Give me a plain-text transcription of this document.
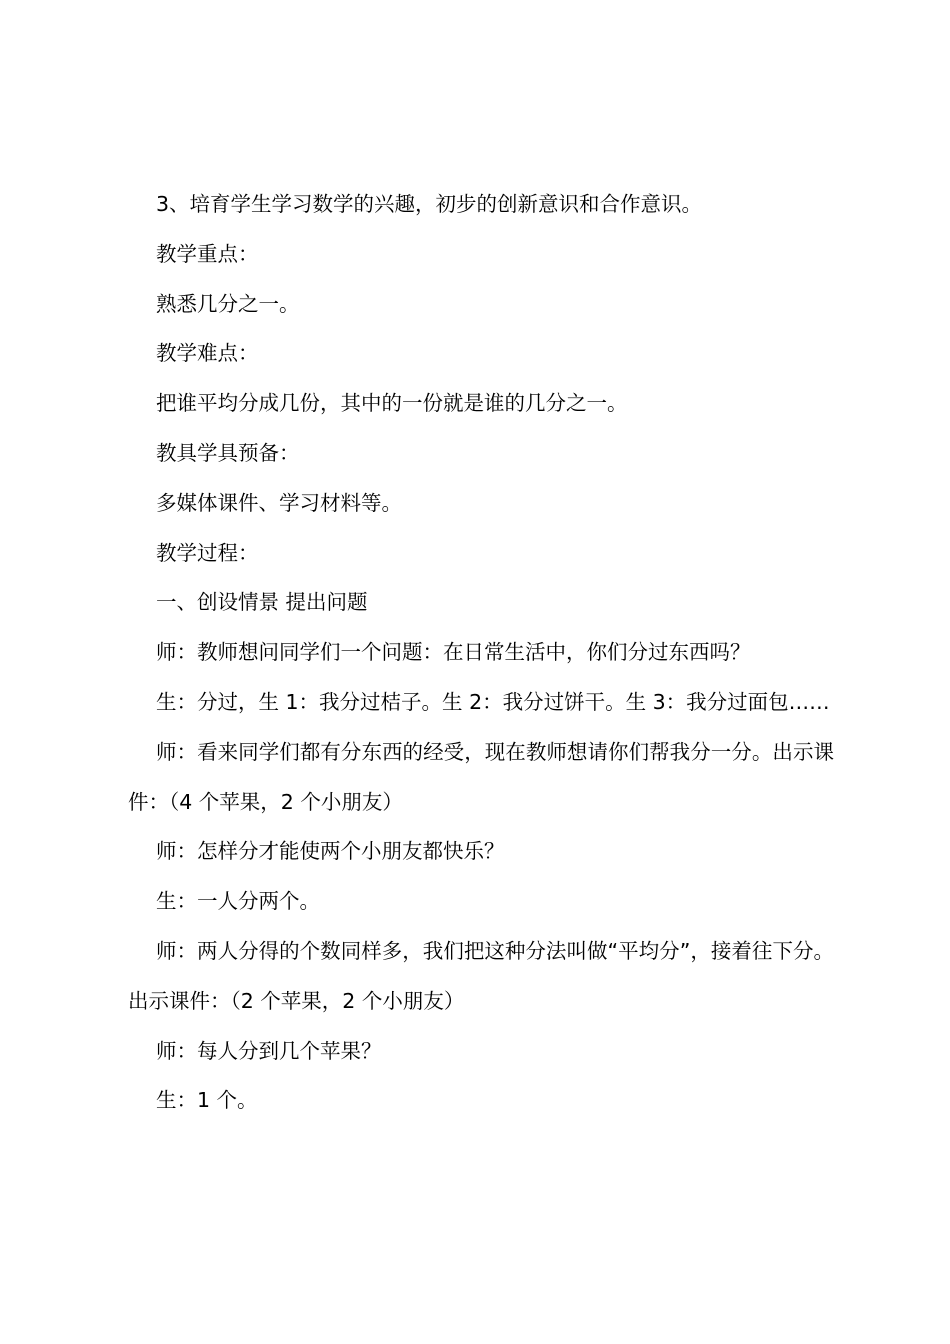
3、培育学生学习数学的兴趣，初步的创新意识和合作意识。

教学重点：

熟悉几分之一。

教学难点：

把谁平均分成几份，其中的一份就是谁的几分之一。

教具学具预备：

多媒体课件、学习材料等。

教学过程：

一、创设情景 提出问题

师：教师想问同学们一个问题：在日常生活中，你们分过东西吗？

生：分过，生 1：我分过桔子。生 2：我分过饼干。生 3：我分过面包……

师：看来同学们都有分东西的经受，现在教师想请你们帮我分一分。出示课件：（4 个苹果，2 个小朋友）

师：怎样分才能使两个小朋友都快乐？

生：一人分两个。

师：两人分得的个数同样多，我们把这种分法叫做“平均分”，接着往下分。出示课件：（2 个苹果，2 个小朋友）

师：每人分到几个苹果？

生：1 个。
